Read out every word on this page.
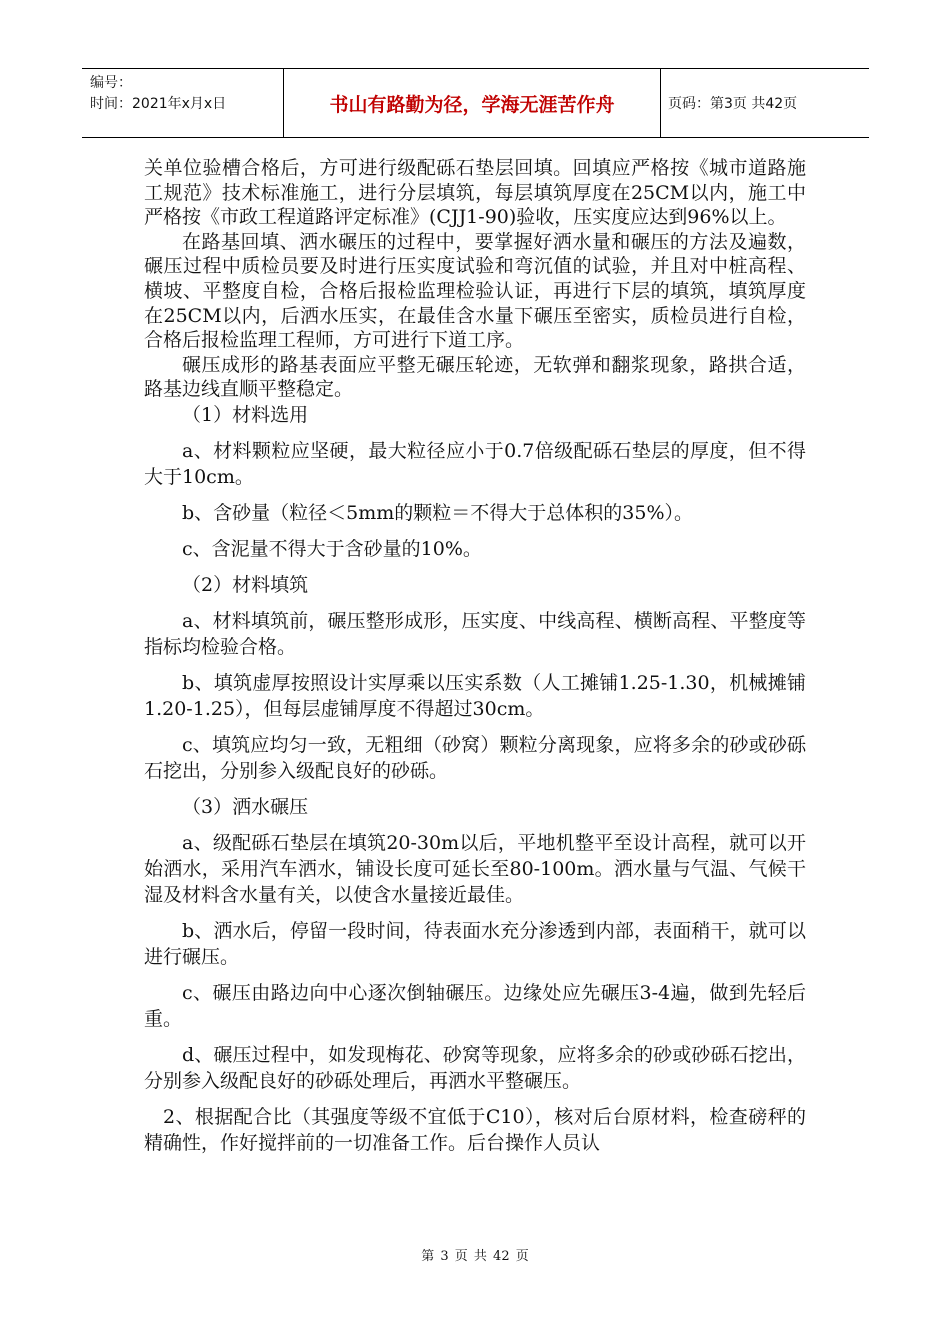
编号：
时间：2021年x月x日	书山有路勤为径，学海无涯苦作舟	页码：第3页 共42页

关单位验槽合格后，方可进行级配砾石垫层回填。回填应严格按《城市道路施工规范》技术标准施工，进行分层填筑，每层填筑厚度在25CM以内，施工中严格按《市政工程道路评定标准》(CJJ1-90)验收，压实度应达到96%以上。

在路基回填、洒水碾压的过程中，要掌握好洒水量和碾压的方法及遍数，碾压过程中质检员要及时进行压实度试验和弯沉值的试验，并且对中桩高程、横坡、平整度自检，合格后报检监理检验认证，再进行下层的填筑，填筑厚度在25CM以内，后洒水压实，在最佳含水量下碾压至密实，质检员进行自检，合格后报检监理工程师，方可进行下道工序。

碾压成形的路基表面应平整无碾压轮迹，无软弹和翻浆现象，路拱合适，路基边线直顺平整稳定。

（1）材料选用

a、材料颗粒应坚硬，最大粒径应小于0.7倍级配砾石垫层的厚度，但不得大于10cm。

b、含砂量（粒径＜5mm的颗粒＝不得大于总体积的35%）。

c、含泥量不得大于含砂量的10%。

（2）材料填筑

a、材料填筑前，碾压整形成形，压实度、中线高程、横断高程、平整度等指标均检验合格。

b、填筑虚厚按照设计实厚乘以压实系数（人工摊铺1.25-1.30，机械摊铺1.20-1.25），但每层虚铺厚度不得超过30cm。

c、填筑应均匀一致，无粗细（砂窝）颗粒分离现象，应将多余的砂或砂砾石挖出，分别参入级配良好的砂砾。

（3）洒水碾压

a、级配砾石垫层在填筑20-30m以后，平地机整平至设计高程，就可以开始洒水，采用汽车洒水，铺设长度可延长至80-100m。洒水量与气温、气候干湿及材料含水量有关，以使含水量接近最佳。

b、洒水后，停留一段时间，待表面水充分渗透到内部，表面稍干，就可以进行碾压。

c、碾压由路边向中心逐次倒轴碾压。边缘处应先碾压3-4遍，做到先轻后重。

d、碾压过程中，如发现梅花、砂窝等现象，应将多余的砂或砂砾石挖出，分别参入级配良好的砂砾处理后，再洒水平整碾压。

2、根据配合比（其强度等级不宜低于C10），核对后台原材料，检查磅秤的精确性，作好搅拌前的一切准备工作。后台操作人员认

第 3 页 共 42 页
